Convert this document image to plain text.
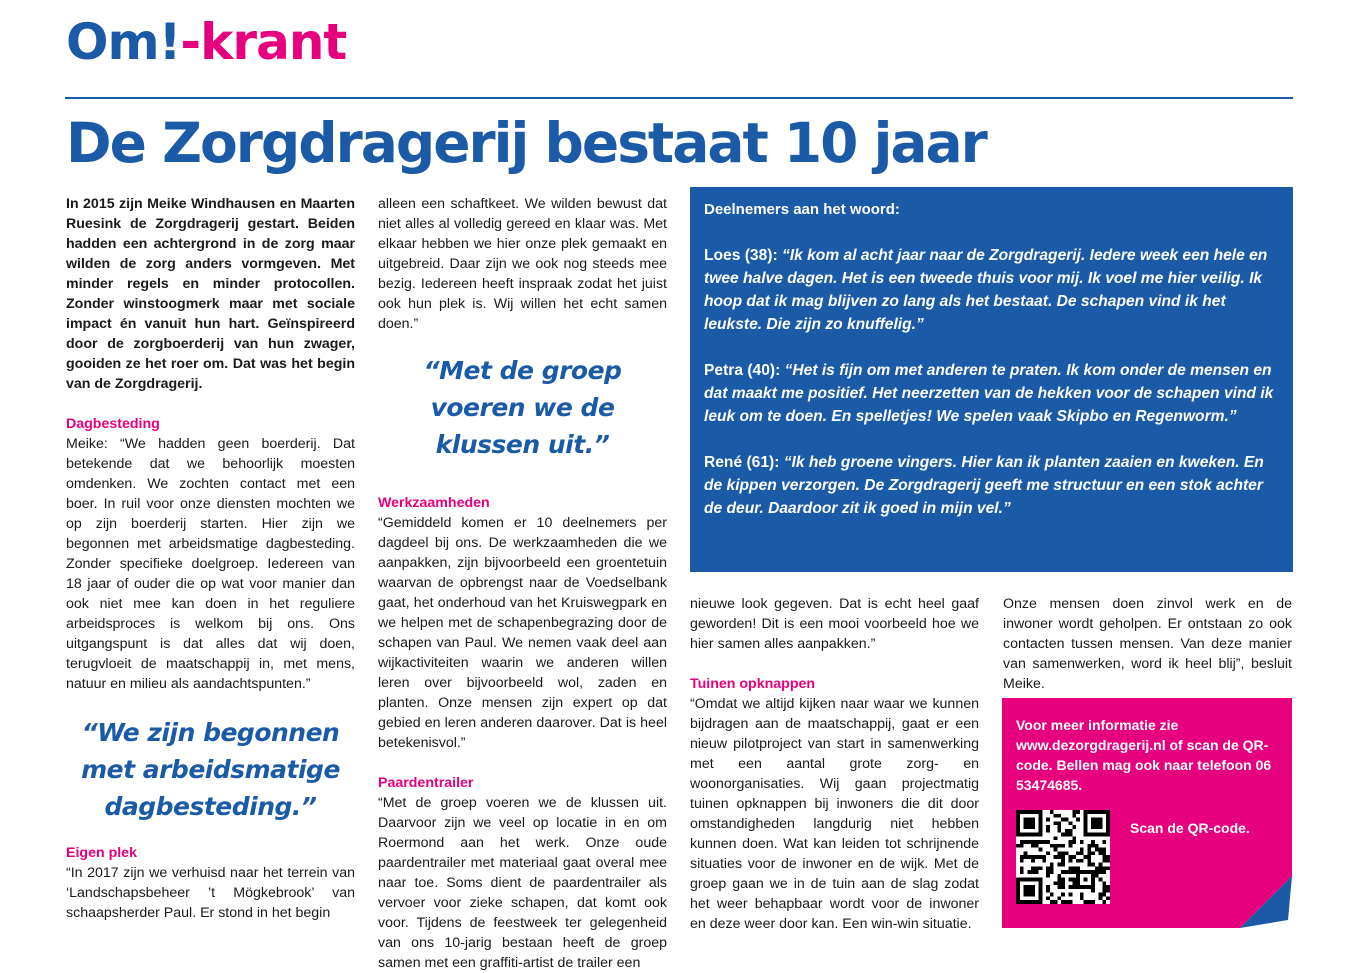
Om!-krant
De Zorgdragerij bestaat 10 jaar

In 2015 zijn Meike Windhausen en Maarten Ruesink de Zorgdragerij gestart. Beiden hadden een achtergrond in de zorg maar wilden de zorg anders vormgeven. Met minder regels en minder protocollen. Zonder winstoogmerk maar met sociale impact én vanuit hun hart. Geïnspireerd door de zorgboerderij van hun zwager, gooiden ze het roer om. Dat was het begin van de Zorgdragerij.

Dagbesteding

Meike: “We hadden geen boerderij. Dat betekende dat we behoorlijk moesten omdenken. We zochten contact met een boer. In ruil voor onze diensten mochten we op zijn boerderij starten. Hier zijn we begonnen met arbeidsmatige dagbesteding. Zonder specifieke doelgroep. Iedereen van 18 jaar of ouder die op wat voor manier dan ook niet mee kan doen in het reguliere arbeidsproces is welkom bij ons. Ons uitgangspunt is dat alles dat wij doen, terugvloeit de maatschappij in, met mens, natuur en milieu als aandachtspunten.”

“We zijn begonnen met arbeidsmatige dagbesteding.”

Eigen plek

“In 2017 zijn we verhuisd naar het terrein van ‘Landschapsbeheer ’t Mögkebrook’ van schaapsherder Paul. Er stond in het begin

alleen een schaftkeet. We wilden bewust dat niet alles al volledig gereed en klaar was. Met elkaar hebben we hier onze plek gemaakt en uitgebreid. Daar zijn we ook nog steeds mee bezig. Iedereen heeft inspraak zodat het juist ook hun plek is. Wij willen het echt samen doen.”

“Met de groep voeren we de klussen uit.”

Werkzaamheden

“Gemiddeld komen er 10 deelnemers per dagdeel bij ons. De werkzaamheden die we aanpakken, zijn bijvoorbeeld een groentetuin waarvan de opbrengst naar de Voedselbank gaat, het onderhoud van het Kruiswegpark en we helpen met de schapenbegrazing door de schapen van Paul. We nemen vaak deel aan wijkactiviteiten waarin we anderen willen leren over bijvoorbeeld wol, zaden en planten. Onze mensen zijn expert op dat gebied en leren anderen daarover. Dat is heel betekenisvol.”

Paardentrailer

“Met de groep voeren we de klussen uit. Daarvoor zijn we veel op locatie in en om Roermond aan het werk. Onze oude paardentrailer met materiaal gaat overal mee naar toe. Soms dient de paardentrailer als vervoer voor zieke schapen, dat komt ook voor. Tijdens de feestweek ter gelegenheid van ons 10-jarig bestaan heeft de groep samen met een graffiti-artist de trailer een

Deelnemers aan het woord:

Loes (38): “Ik kom al acht jaar naar de Zorgdragerij. Iedere week een hele en twee halve dagen. Het is een tweede thuis voor mij. Ik voel me hier veilig. Ik hoop dat ik mag blijven zo lang als het bestaat. De schapen vind ik het leukste. Die zijn zo knuffelig.”

Petra (40): “Het is fijn om met anderen te praten. Ik kom onder de mensen en dat maakt me positief. Het neerzetten van de hekken voor de schapen vind ik leuk om te doen. En spelletjes! We spelen vaak Skipbo en Regenworm.”

René (61): “Ik heb groene vingers. Hier kan ik planten zaaien en kweken. En de kippen verzorgen. De Zorgdragerij geeft me structuur en een stok achter de deur. Daardoor zit ik goed in mijn vel.”

nieuwe look gegeven. Dat is echt heel gaaf geworden! Dit is een mooi voorbeeld hoe we hier samen alles aanpakken.”

Tuinen opknappen

“Omdat we altijd kijken naar waar we kunnen bijdragen aan de maatschappij, gaat er een nieuw pilotproject van start in samenwerking met een aantal grote zorg- en woonorganisaties. Wij gaan projectmatig tuinen opknappen bij inwoners die dit door omstandigheden langdurig niet hebben kunnen doen. Wat kan leiden tot schrijnende situaties voor de inwoner en de wijk. Met de groep gaan we in de tuin aan de slag zodat het weer behapbaar wordt voor de inwoner en deze weer door kan. Een win-win situatie.

Onze mensen doen zinvol werk en de inwoner wordt geholpen. Er ontstaan zo ook contacten tussen mensen. Van deze manier van samenwerken, word ik heel blij”, besluit Meike.

Voor meer informatie zie www.dezorgdragerij.nl of scan de QR-code. Bellen mag ook naar telefoon 06 53474685.

Scan de QR-code.
